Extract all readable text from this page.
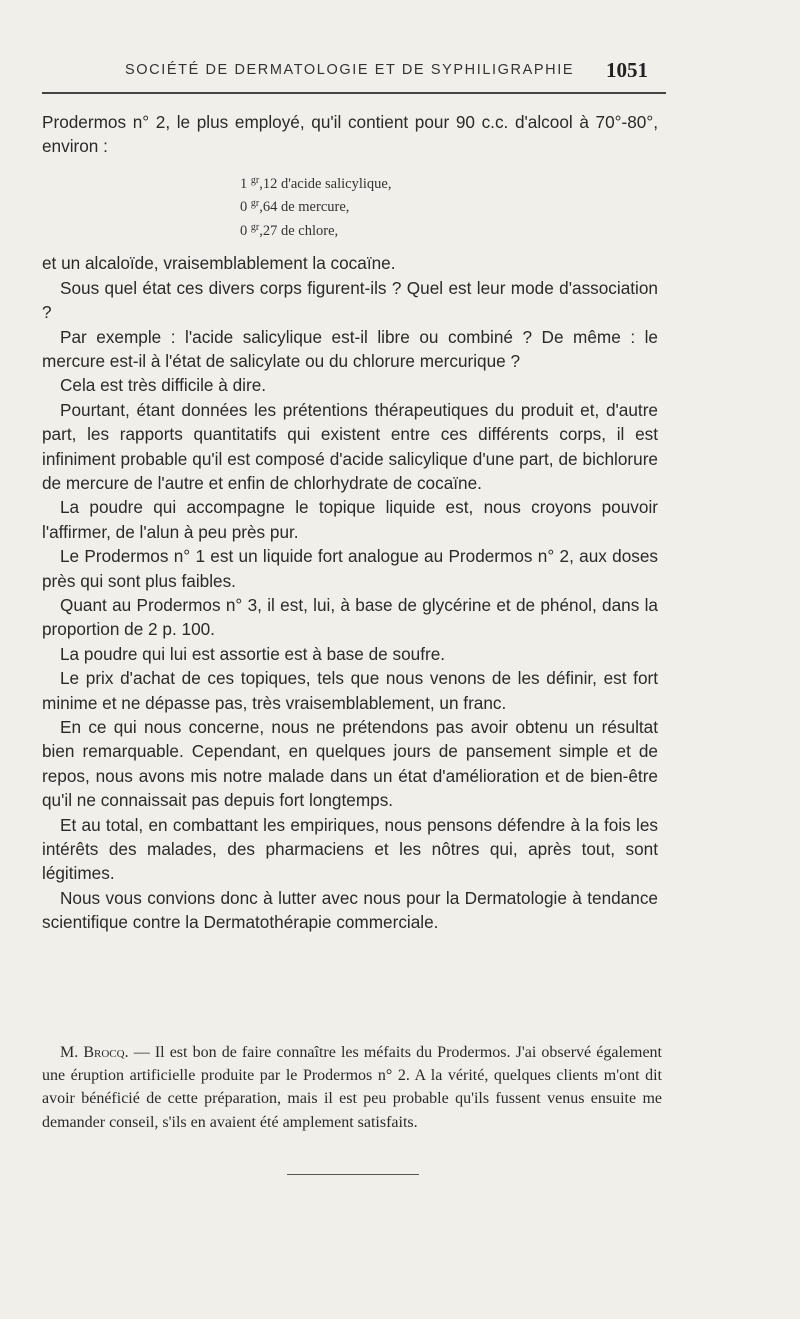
SOCIÉTÉ DE DERMATOLOGIE ET DE SYPHILIGRAPHIE 1051

Prodermos n° 2, le plus employé, qu'il contient pour 90 c.c. d'alcool à 70°-80°, environ :

1 $^{gr}$,12 d'acide salicylique,
0 $^{gr}$,64 de mercure,
0 $^{gr}$,27 de chlore,

et un alcaloïde, vraisemblablement la cocaïne.

Sous quel état ces divers corps figurent-ils ? Quel est leur mode d'association ?

Par exemple : l'acide salicylique est-il libre ou combiné ? De même : le mercure est-il à l'état de salicylate ou du chlorure mercurique ?

Cela est très difficile à dire.

Pourtant, étant données les prétentions thérapeutiques du produit et, d'autre part, les rapports quantitatifs qui existent entre ces différents corps, il est infiniment probable qu'il est composé d'acide salicylique d'une part, de bichlorure de mercure de l'autre et enfin de chlorhydrate de cocaïne.

La poudre qui accompagne le topique liquide est, nous croyons pouvoir l'affirmer, de l'alun à peu près pur.

Le Prodermos n° 1 est un liquide fort analogue au Prodermos n° 2, aux doses près qui sont plus faibles.

Quant au Prodermos n° 3, il est, lui, à base de glycérine et de phénol, dans la proportion de 2 p. 100.

La poudre qui lui est assortie est à base de soufre.

Le prix d'achat de ces topiques, tels que nous venons de les définir, est fort minime et ne dépasse pas, très vraisemblablement, un franc.

En ce qui nous concerne, nous ne prétendons pas avoir obtenu un résultat bien remarquable. Cependant, en quelques jours de pansement simple et de repos, nous avons mis notre malade dans un état d'amélioration et de bien-être qu'il ne connaissait pas depuis fort longtemps.

Et au total, en combattant les empiriques, nous pensons défendre à la fois les intérêts des malades, des pharmaciens et les nôtres qui, après tout, sont légitimes.

Nous vous convions donc à lutter avec nous pour la Dermatologie à tendance scientifique contre la Dermatothérapie commerciale.

M. Brocq. — Il est bon de faire connaître les méfaits du Prodermos. J'ai observé également une éruption artificielle produite par le Prodermos n° 2. A la vérité, quelques clients m'ont dit avoir bénéficié de cette préparation, mais il est peu probable qu'ils fussent venus ensuite me demander conseil, s'ils en avaient été amplement satisfaits.
